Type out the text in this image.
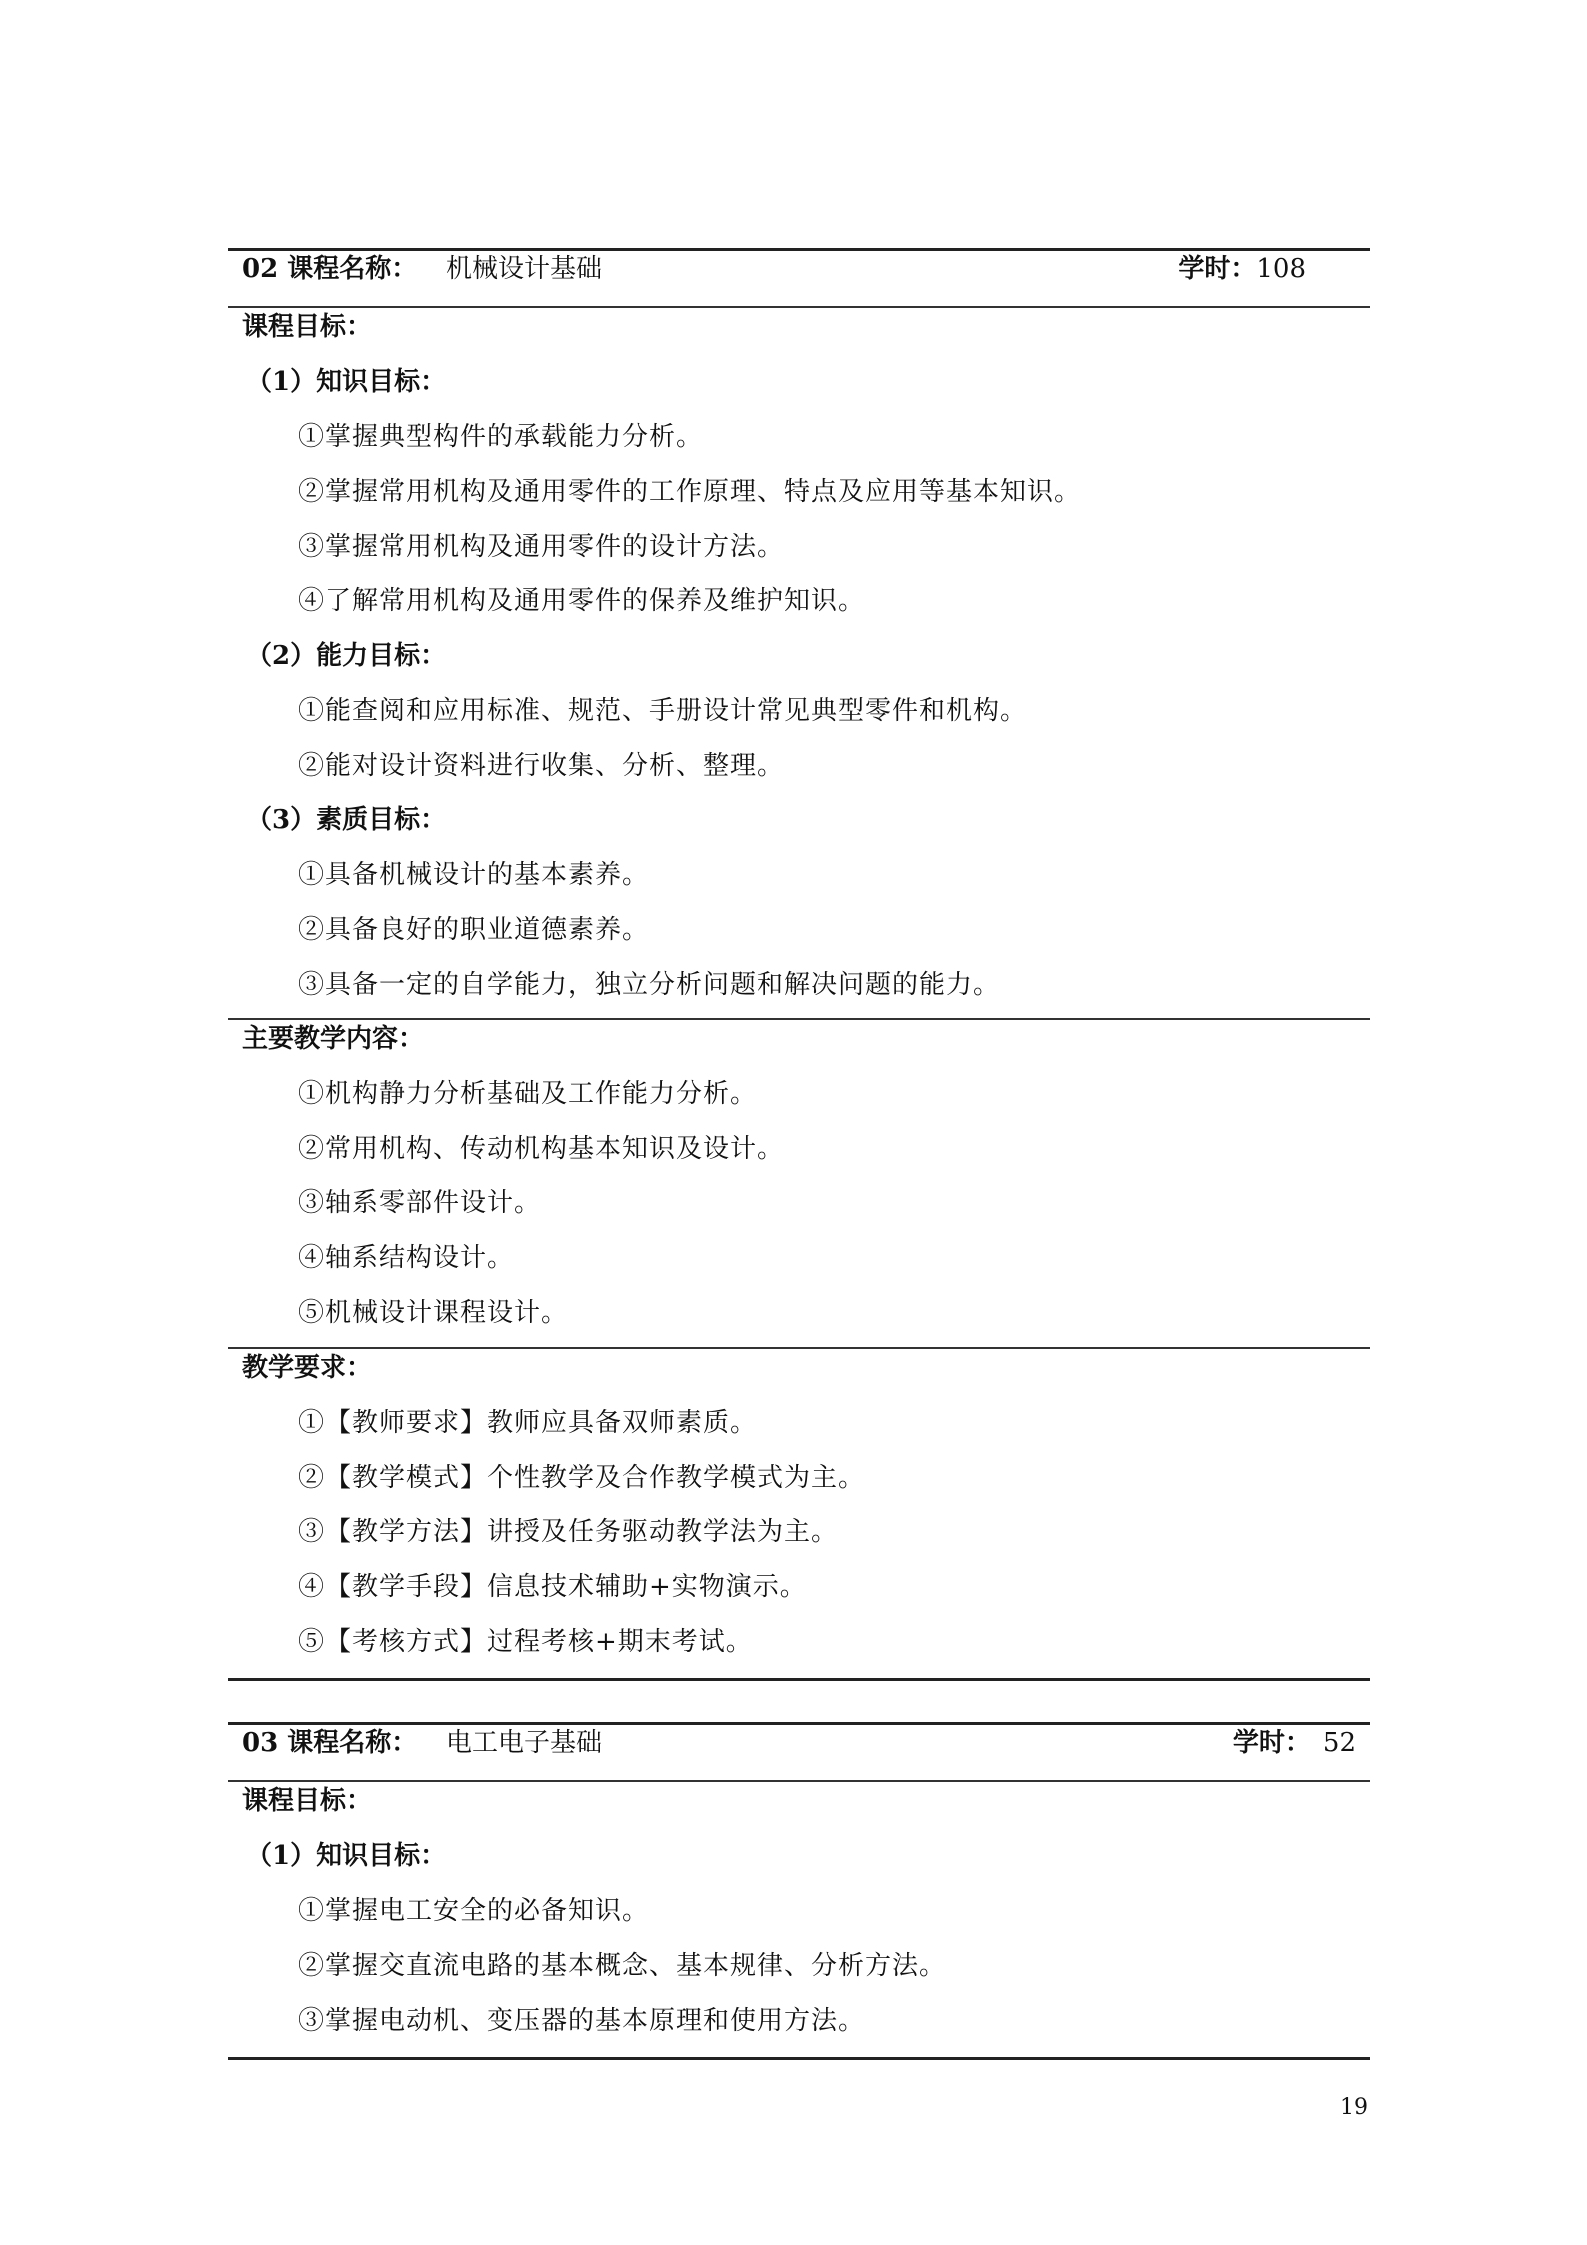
02 课程名称： 机械设计基础	学时：108
课程目标：
（1）知识目标：
①掌握典型构件的承载能力分析。
②掌握常用机构及通用零件的工作原理、特点及应用等基本知识。
③掌握常用机构及通用零件的设计方法。
④了解常用机构及通用零件的保养及维护知识。
（2）能力目标：
①能查阅和应用标准、规范、手册设计常见典型零件和机构。
②能对设计资料进行收集、分析、整理。
（3）素质目标：
①具备机械设计的基本素养。
②具备良好的职业道德素养。
③具备一定的自学能力，独立分析问题和解决问题的能力。
主要教学内容：
①机构静力分析基础及工作能力分析。
②常用机构、传动机构基本知识及设计。
③轴系零部件设计。
④轴系结构设计。
⑤机械设计课程设计。
教学要求：
①【教师要求】教师应具备双师素质。
②【教学模式】个性教学及合作教学模式为主。
③【教学方法】讲授及任务驱动教学法为主。
④【教学手段】信息技术辅助+实物演示。
⑤【考核方式】过程考核+期末考试。
03 课程名称： 电工电子基础	学时： 52
课程目标：
（1）知识目标：
①掌握电工安全的必备知识。
②掌握交直流电路的基本概念、基本规律、分析方法。
③掌握电动机、变压器的基本原理和使用方法。
19
